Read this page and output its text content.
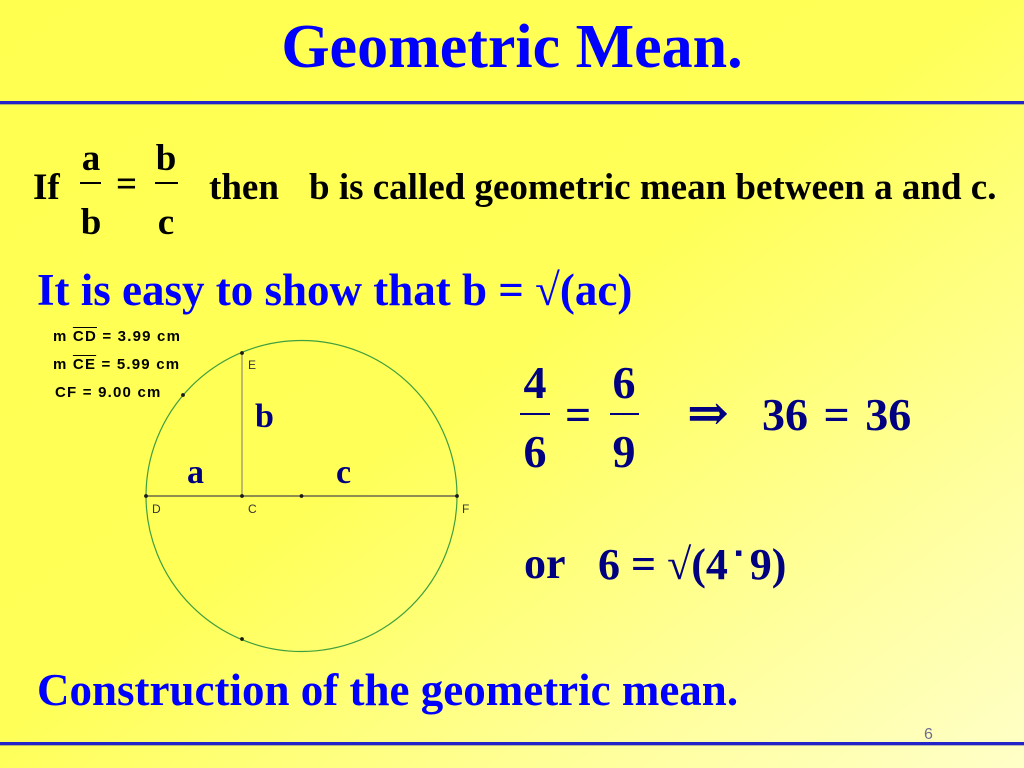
D	C	F
E
Geometric Mean.
If
a
b
=
b
c
then b is called geometric mean between a and c.
It is easy to show that b = √(ac)
m $\overline{CD} = 3.99$ cm
m $\overline{CE} = 5.99$ cm
CF = 9.00 cm
a
b
c
4
6
=
6
9
⇒ 36 = 36
or 6 = √(4 ▪ 9)
Construction of the geometric mean.
6
